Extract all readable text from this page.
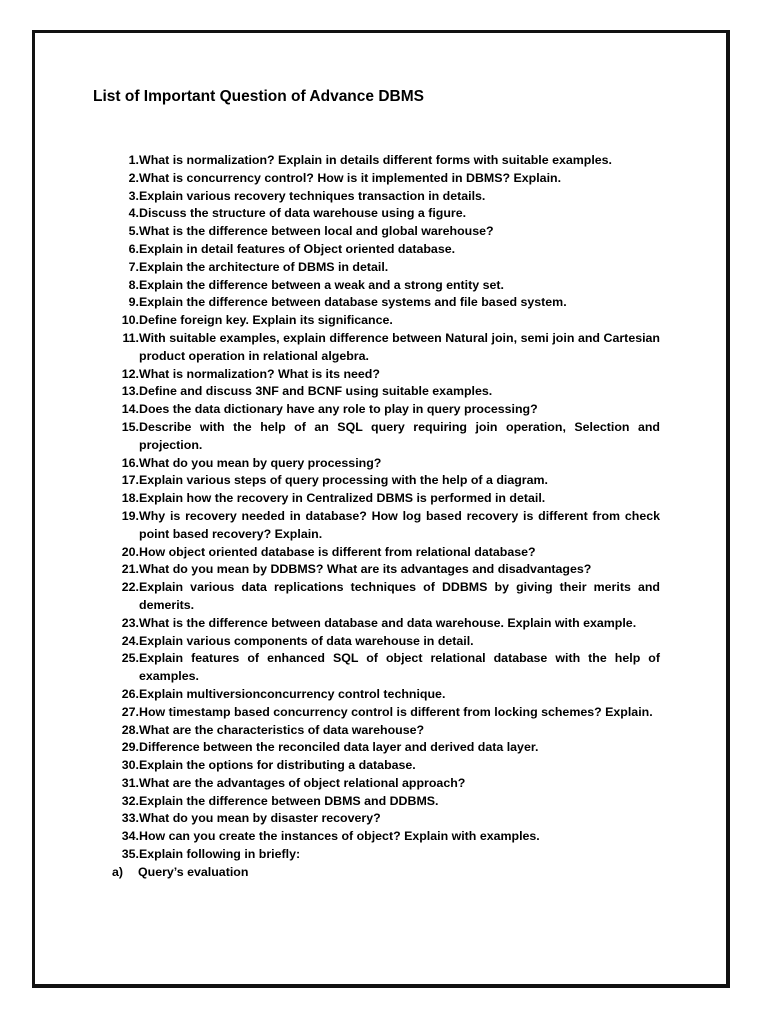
List of Important Question of Advance DBMS
1. What is normalization? Explain in details different forms with suitable examples.
2. What is concurrency control? How is it implemented in DBMS? Explain.
3. Explain various recovery techniques transaction in details.
4. Discuss the structure of data warehouse using a figure.
5. What is the difference between local and global warehouse?
6. Explain in detail features of Object oriented database.
7. Explain the architecture of DBMS in detail.
8. Explain the difference between a weak and a strong entity set.
9. Explain the difference between database systems and file based system.
10. Define foreign key. Explain its significance.
11. With suitable examples, explain difference between Natural join, semi join and Cartesian product operation in relational algebra.
12. What is normalization? What is its need?
13. Define and discuss 3NF and BCNF using suitable examples.
14. Does the data dictionary have any role to play in query processing?
15. Describe with the help of an SQL query requiring join operation, Selection and projection.
16. What do you mean by query processing?
17. Explain various steps of query processing with the help of a diagram.
18. Explain how the recovery in Centralized DBMS is performed in detail.
19. Why is recovery needed in database? How log based recovery is different from check point based recovery? Explain.
20. How object oriented database is different from relational database?
21. What do you mean by DDBMS? What are its advantages and disadvantages?
22. Explain various data replications techniques of DDBMS by giving their merits and demerits.
23. What is the difference between database and data warehouse. Explain with example.
24. Explain various components of data warehouse in detail.
25. Explain features of enhanced SQL of object relational database with the help of examples.
26. Explain multiversionconcurrency control technique.
27. How timestamp based concurrency control is different from locking schemes? Explain.
28. What are the characteristics of data warehouse?
29. Difference between the reconciled data layer and derived data layer.
30. Explain the options for distributing a database.
31. What are the advantages of object relational approach?
32. Explain the difference between DBMS and DDBMS.
33. What do you mean by disaster recovery?
34. How can you create the instances of object? Explain with examples.
35. Explain following in briefly:
a)	Query’s evaluation
